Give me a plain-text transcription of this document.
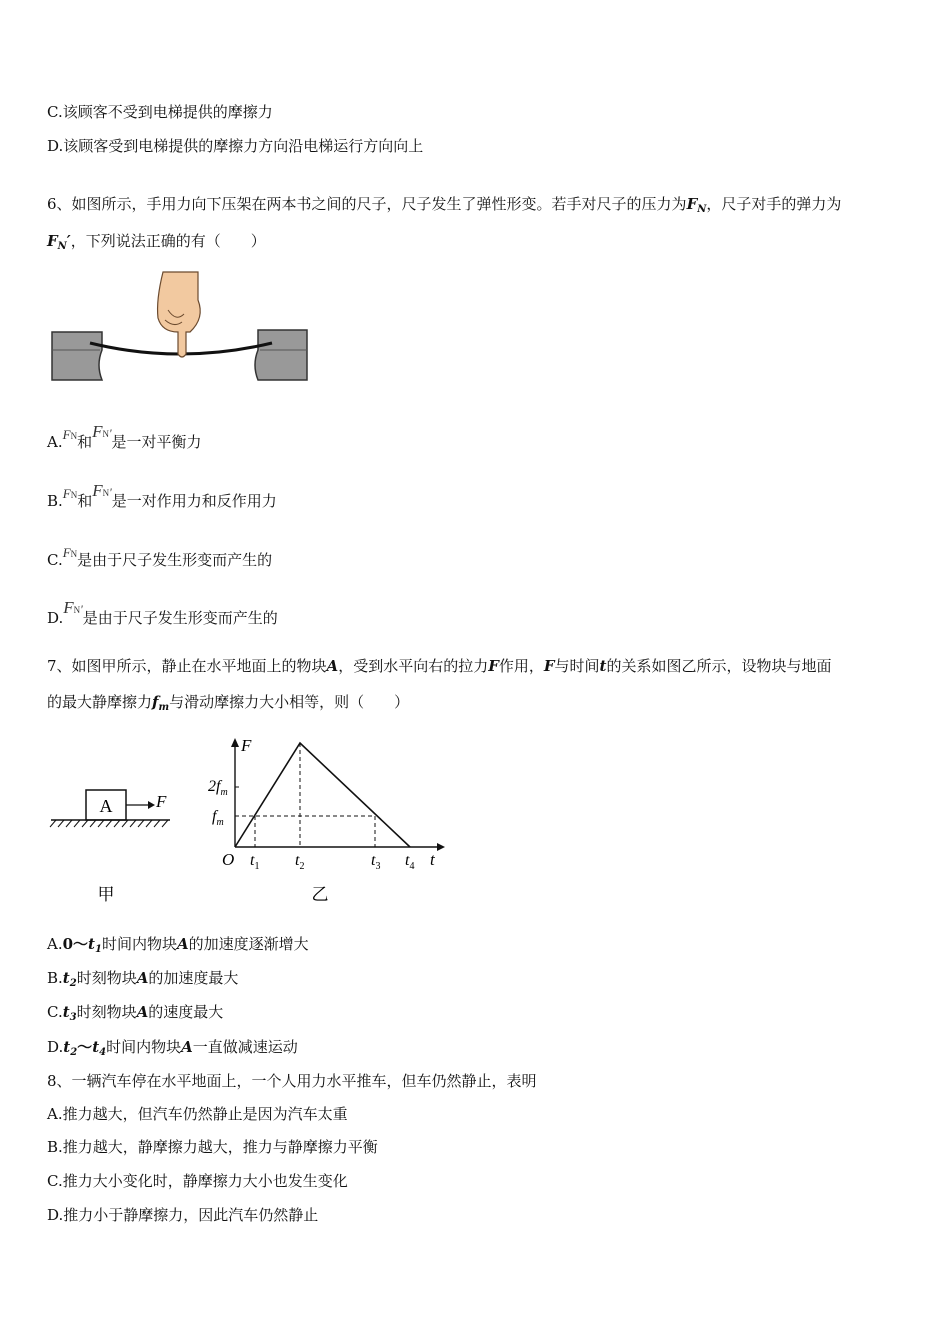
C.该顾客不受到电梯提供的摩擦力
D.该顾客受到电梯提供的摩擦力方向沿电梯运行方向向上
6、如图所示，手用力向下压架在两本书之间的尺子，尺子发生了弹性形变。若手对尺子的压力为$F_N$，尺子对手的弹力为
$F_N'$，下列说法正确的有（　　）
A.FN和FN'是一对平衡力
B.FN和FN'是一对作用力和反作用力
C.FN是由于尺子发生形变而产生的
D.FN'是由于尺子发生形变而产生的
7、如图甲所示，静止在水平地面上的物块A，受到水平向右的拉力F作用，F与时间t的关系如图乙所示，设物块与地面
的最大静摩擦力$f_m$与滑动摩擦力大小相等，则（　　）
A	F
甲
F
t
O
$2f_m$
$f_m$
$t_1$ $t_2$	$t_3$ $t_4$
乙
$A.0\sim t_1$时间内物块A的加速度逐渐增大
$B.t_2$时刻物块A的加速度最大
$C.t_3$时刻物块A的速度最大
$D.t_2\sim t_4$时间内物块A一直做减速运动
8、一辆汽车停在水平地面上，一个人用力水平推车，但车仍然静止，表明
A.推力越大，但汽车仍然静止是因为汽车太重
B.推力越大，静摩擦力越大，推力与静摩擦力平衡
C.推力大小变化时，静摩擦力大小也发生变化
D.推力小于静摩擦力，因此汽车仍然静止
